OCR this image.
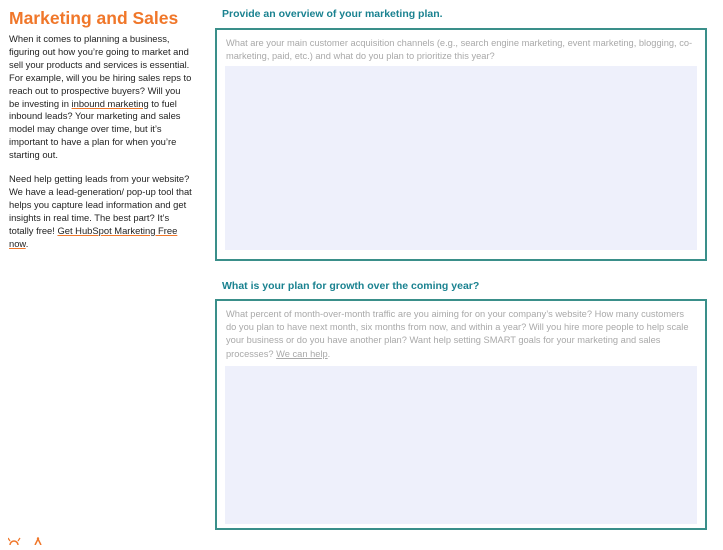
Marketing and Sales

When it comes to planning a business, figuring out how you’re going to market and sell your products and services is essential. For example, will you be hiring sales reps to reach out to prospective buyers? Will you be investing in inbound marketing to fuel inbound leads? Your marketing and sales model may change over time, but it’s important to have a plan for when you’re starting out.

Need help getting leads from your website? We have a lead-generation/ pop-up tool that helps you capture lead information and get insights in real time. The best part? It’s totally free! Get HubSpot Marketing Free now.

Provide an overview of your marketing plan.
What are your main customer acquisition channels (e.g., search engine marketing, event marketing, blogging, co-marketing, paid, etc.) and what do you plan to prioritize this year?
What is your plan for growth over the coming year?
What percent of month-over-month traffic are you aiming for on your company’s website? How many customers do you plan to have next month, six months from now, and within a year? Will you hire more people to help scale your business or do you have another plan? Want help setting SMART goals for your marketing and sales processes? We can help.
